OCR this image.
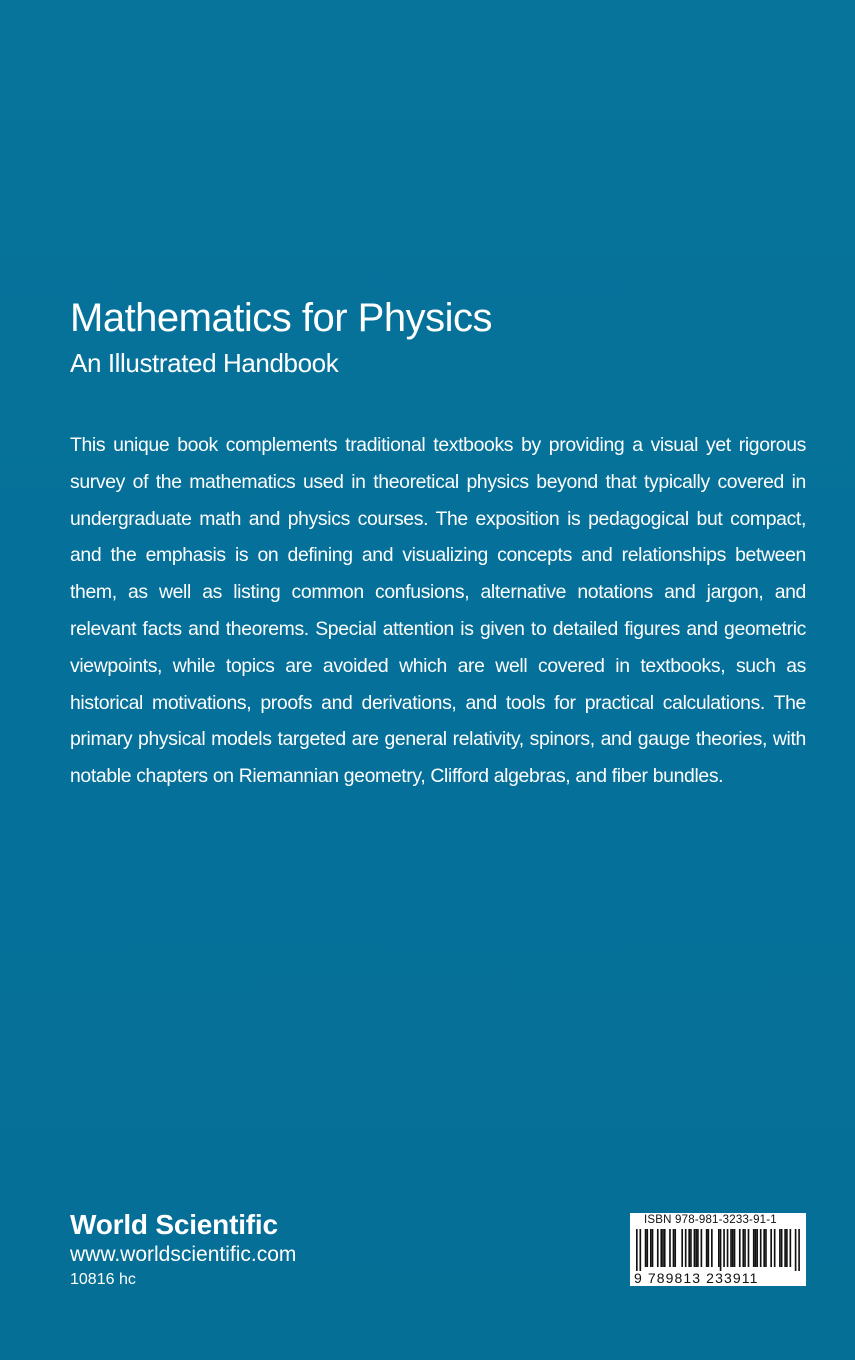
Mathematics for Physics
An Illustrated Handbook

This unique book complements traditional textbooks by providing a visual yet rigorous survey of the mathematics used in theoretical physics beyond that typically covered in undergraduate math and physics courses. The exposition is pedagogical but compact, and the emphasis is on defining and visualizing concepts and relationships between them, as well as listing common confusions, alternative notations and jargon, and relevant facts and theorems. Special attention is given to detailed figures and geometric viewpoints, while topics are avoided which are well covered in textbooks, such as historical motivations, proofs and derivations, and tools for practical calculations. The primary physical models targeted are general relativity, spinors, and gauge theories, with notable chapters on Riemannian geometry, Clifford algebras, and fiber bundles.

World Scientific
www.worldscientific.com
10816 hc
ISBN 978-981-3233-91-1
9 789813 233911
